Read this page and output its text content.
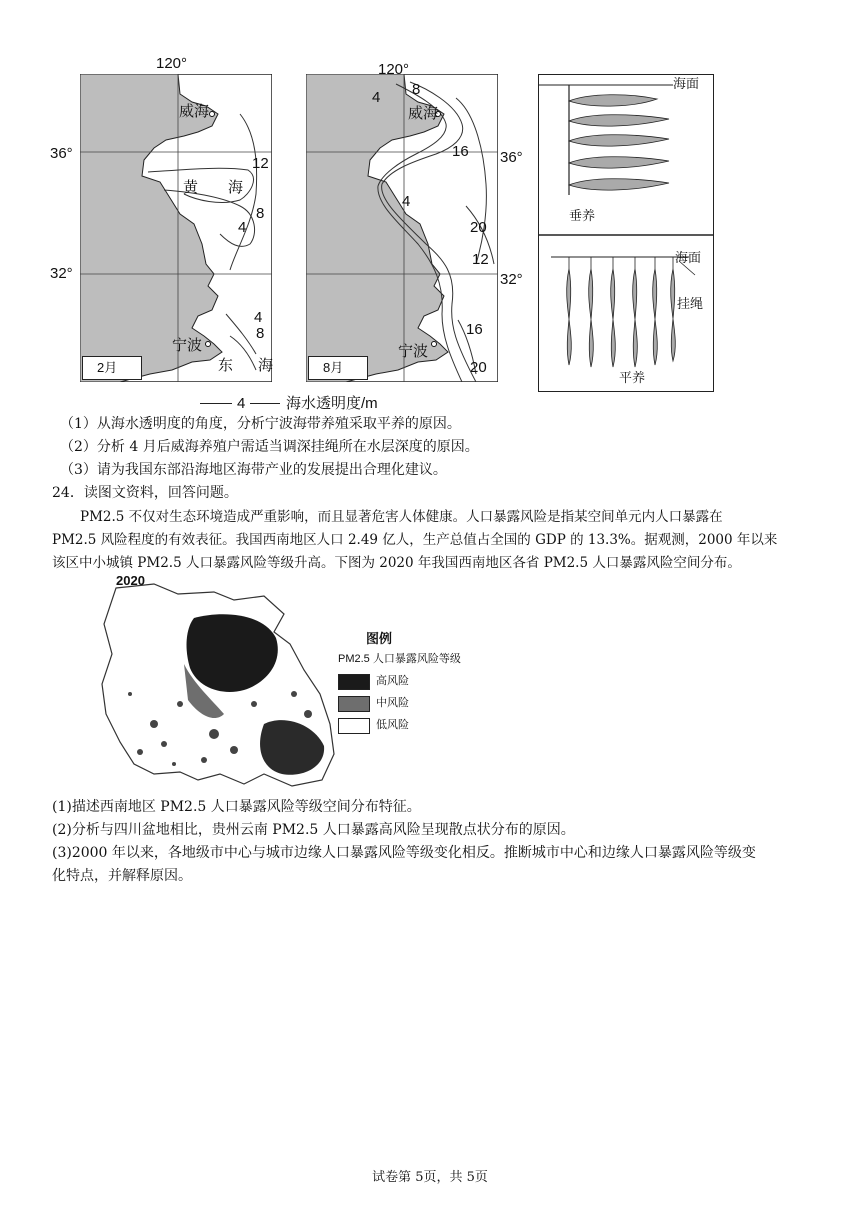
威海
黄 海
12
8
4
4
8
宁波
东 海
2月
120°
36°
32°
威海
4 8
16
4
20
12
16
宁波
20
8月
120°
36°
32°
海面
垂养
海面
挂绳
平养
4	海水透明度/m
（1）从海水透明度的角度，分析宁波海带养殖采取平养的原因。
（2）分析 4 月后威海养殖户需适当调深挂绳所在水层深度的原因。
（3）请为我国东部沿海地区海带产业的发展提出合理化建议。
24．读图文资料，回答问题。
PM2.5 不仅对生态环境造成严重影响，而且显著危害人体健康。人口暴露风险是指某空间单元内人口暴露在
PM2.5 风险程度的有效表征。我国西南地区人口 2.49 亿人，生产总值占全国的 GDP 的 13.3%。据观测，2000 年以来
该区中小城镇 PM2.5 人口暴露风险等级升高。下图为 2020 年我国西南地区各省 PM2.5 人口暴露风险空间分布。
2020
图例
PM2.5 人口暴露风险等级
高风险
中风险
低风险
(1)描述西南地区 PM2.5 人口暴露风险等级空间分布特征。
(2)分析与四川盆地相比，贵州云南 PM2.5 人口暴露高风险呈现散点状分布的原因。
(3)2000 年以来，各地级市中心与城市边缘人口暴露风险等级变化相反。推断城市中心和边缘人口暴露风险等级变
化特点，并解释原因。
试卷第 5页，共 5页
